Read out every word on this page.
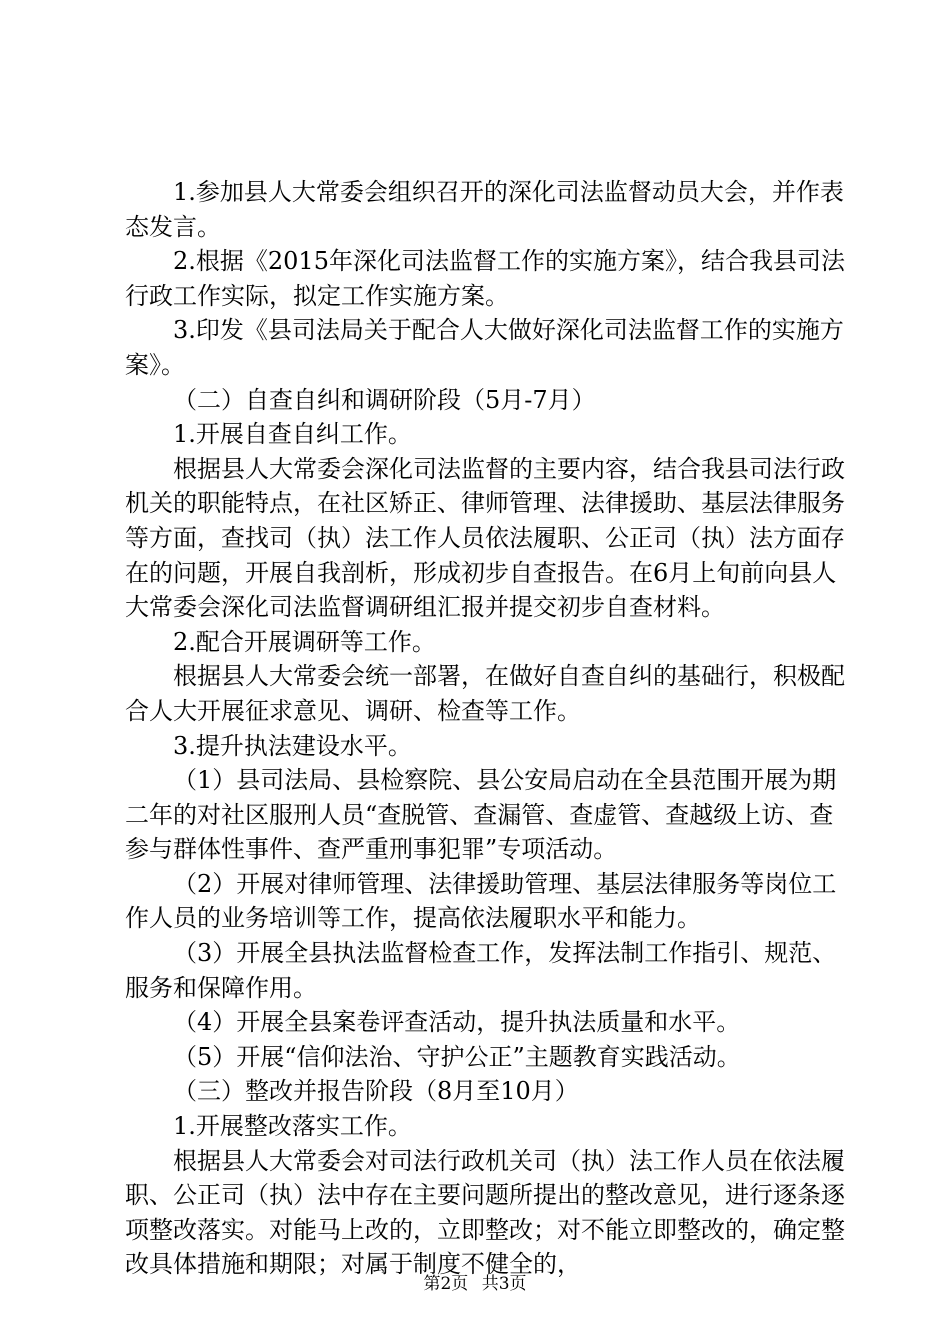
1.参加县人大常委会组织召开的深化司法监督动员大会，并作表态发言。

2.根据《2015年深化司法监督工作的实施方案》，结合我县司法行政工作实际，拟定工作实施方案。

3.印发《县司法局关于配合人大做好深化司法监督工作的实施方案》。

（二）自查自纠和调研阶段（5月-7月）

1.开展自查自纠工作。

根据县人大常委会深化司法监督的主要内容，结合我县司法行政机关的职能特点，在社区矫正、律师管理、法律援助、基层法律服务等方面，查找司（执）法工作人员依法履职、公正司（执）法方面存在的问题，开展自我剖析，形成初步自查报告。在6月上旬前向县人大常委会深化司法监督调研组汇报并提交初步自查材料。

2.配合开展调研等工作。

根据县人大常委会统一部署，在做好自查自纠的基础行，积极配合人大开展征求意见、调研、检查等工作。

3.提升执法建设水平。

（1）县司法局、县检察院、县公安局启动在全县范围开展为期二年的对社区服刑人员“查脱管、查漏管、查虚管、查越级上访、查参与群体性事件、查严重刑事犯罪”专项活动。

（2）开展对律师管理、法律援助管理、基层法律服务等岗位工作人员的业务培训等工作，提高依法履职水平和能力。

（3）开展全县执法监督检查工作，发挥法制工作指引、规范、服务和保障作用。

（4）开展全县案卷评查活动，提升执法质量和水平。

（5）开展“信仰法治、守护公正”主题教育实践活动。

（三）整改并报告阶段（8月至10月）

1.开展整改落实工作。

根据县人大常委会对司法行政机关司（执）法工作人员在依法履职、公正司（执）法中存在主要问题所提出的整改意见，进行逐条逐项整改落实。对能马上改的，立即整改；对不能立即整改的，确定整改具体措施和期限；对属于制度不健全的，

第2页 共3页
